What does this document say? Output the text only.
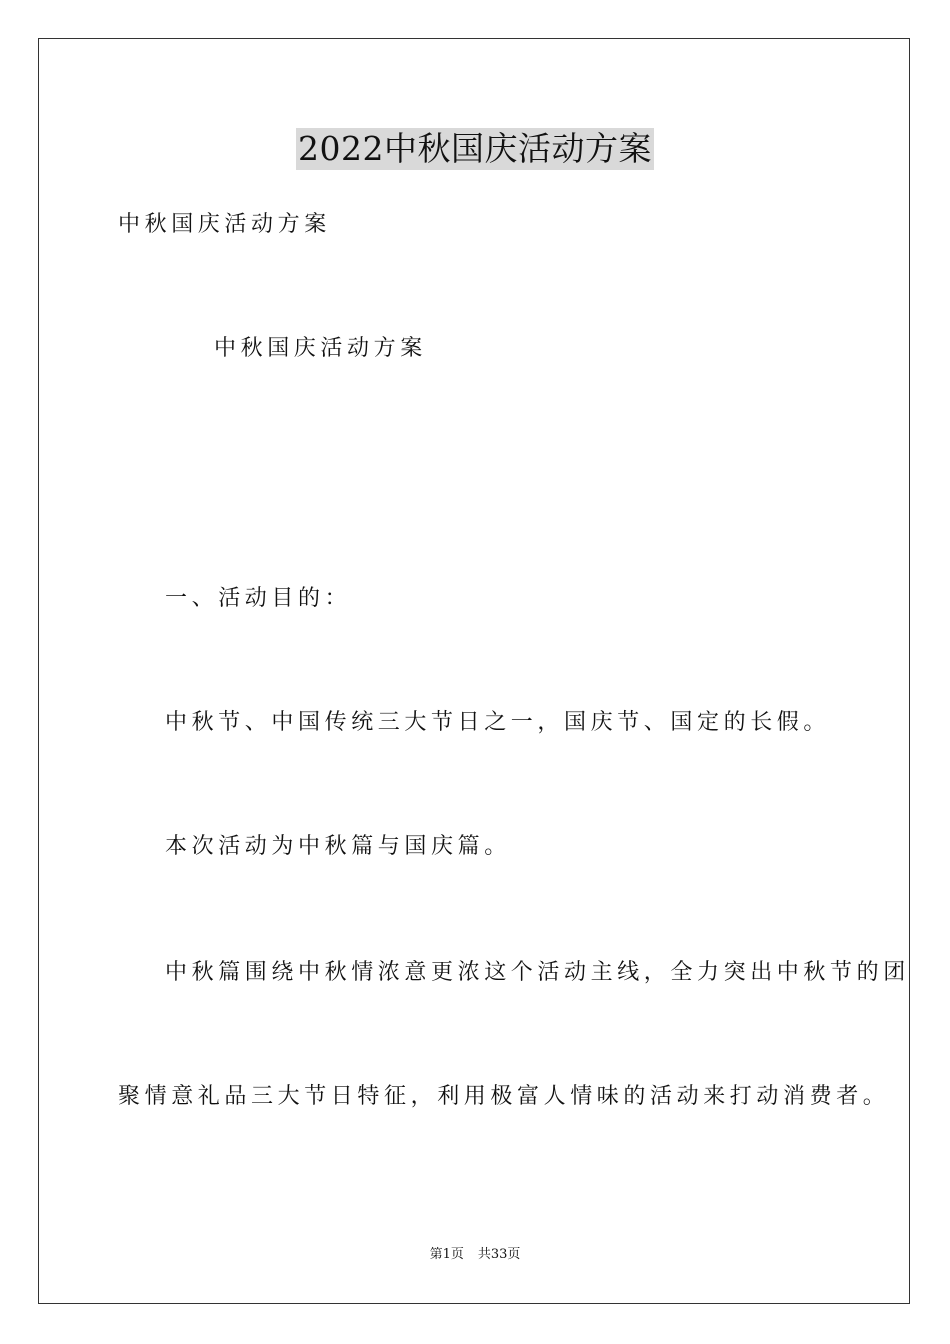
2022中秋国庆活动方案
中秋国庆活动方案
中秋国庆活动方案
一、活动目的：
中秋节、中国传统三大节日之一，国庆节、国定的长假。
本次活动为中秋篇与国庆篇。
中秋篇围绕中秋情浓意更浓这个活动主线，全力突出中秋节的团
聚情意礼品三大节日特征，利用极富人情味的活动来打动消费者。
第1页 共33页
